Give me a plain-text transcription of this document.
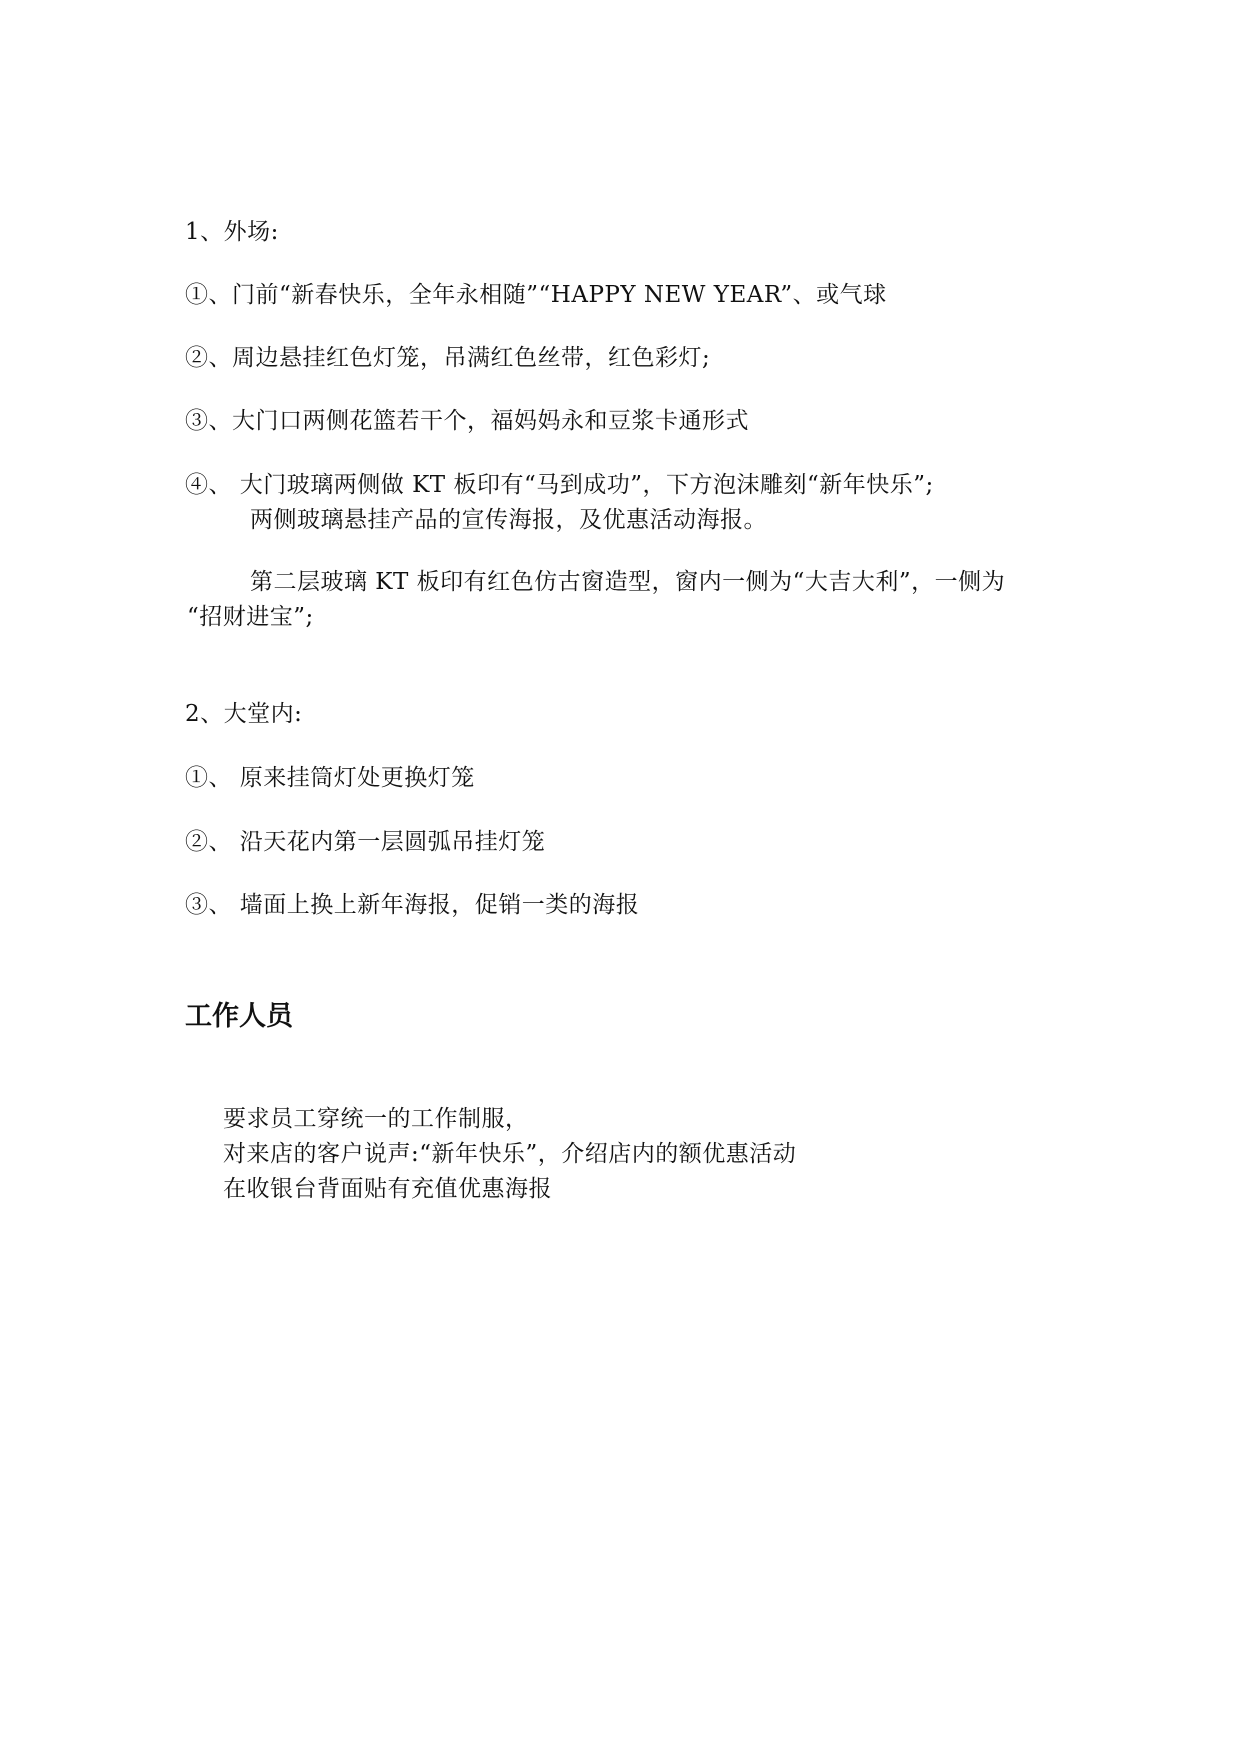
1、外场:
①、门前“新春快乐，全年永相随”“HAPPY NEW YEAR”、或气球
②、周边悬挂红色灯笼，吊满红色丝带，红色彩灯;
③、大门口两侧花篮若干个，福妈妈永和豆浆卡通形式
④、 大门玻璃两侧做 KT 板印有“马到成功”，下方泡沫雕刻“新年快乐”;
两侧玻璃悬挂产品的宣传海报，及优惠活动海报。
第二层玻璃 KT 板印有红色仿古窗造型，窗内一侧为“大吉大利”，一侧为
“招财进宝”;
2、大堂内:
①、 原来挂筒灯处更换灯笼
②、 沿天花内第一层圆弧吊挂灯笼
③、 墙面上换上新年海报，促销一类的海报
工作人员
要求员工穿统一的工作制服，
对来店的客户说声:“新年快乐”，介绍店内的额优惠活动
在收银台背面贴有充值优惠海报
